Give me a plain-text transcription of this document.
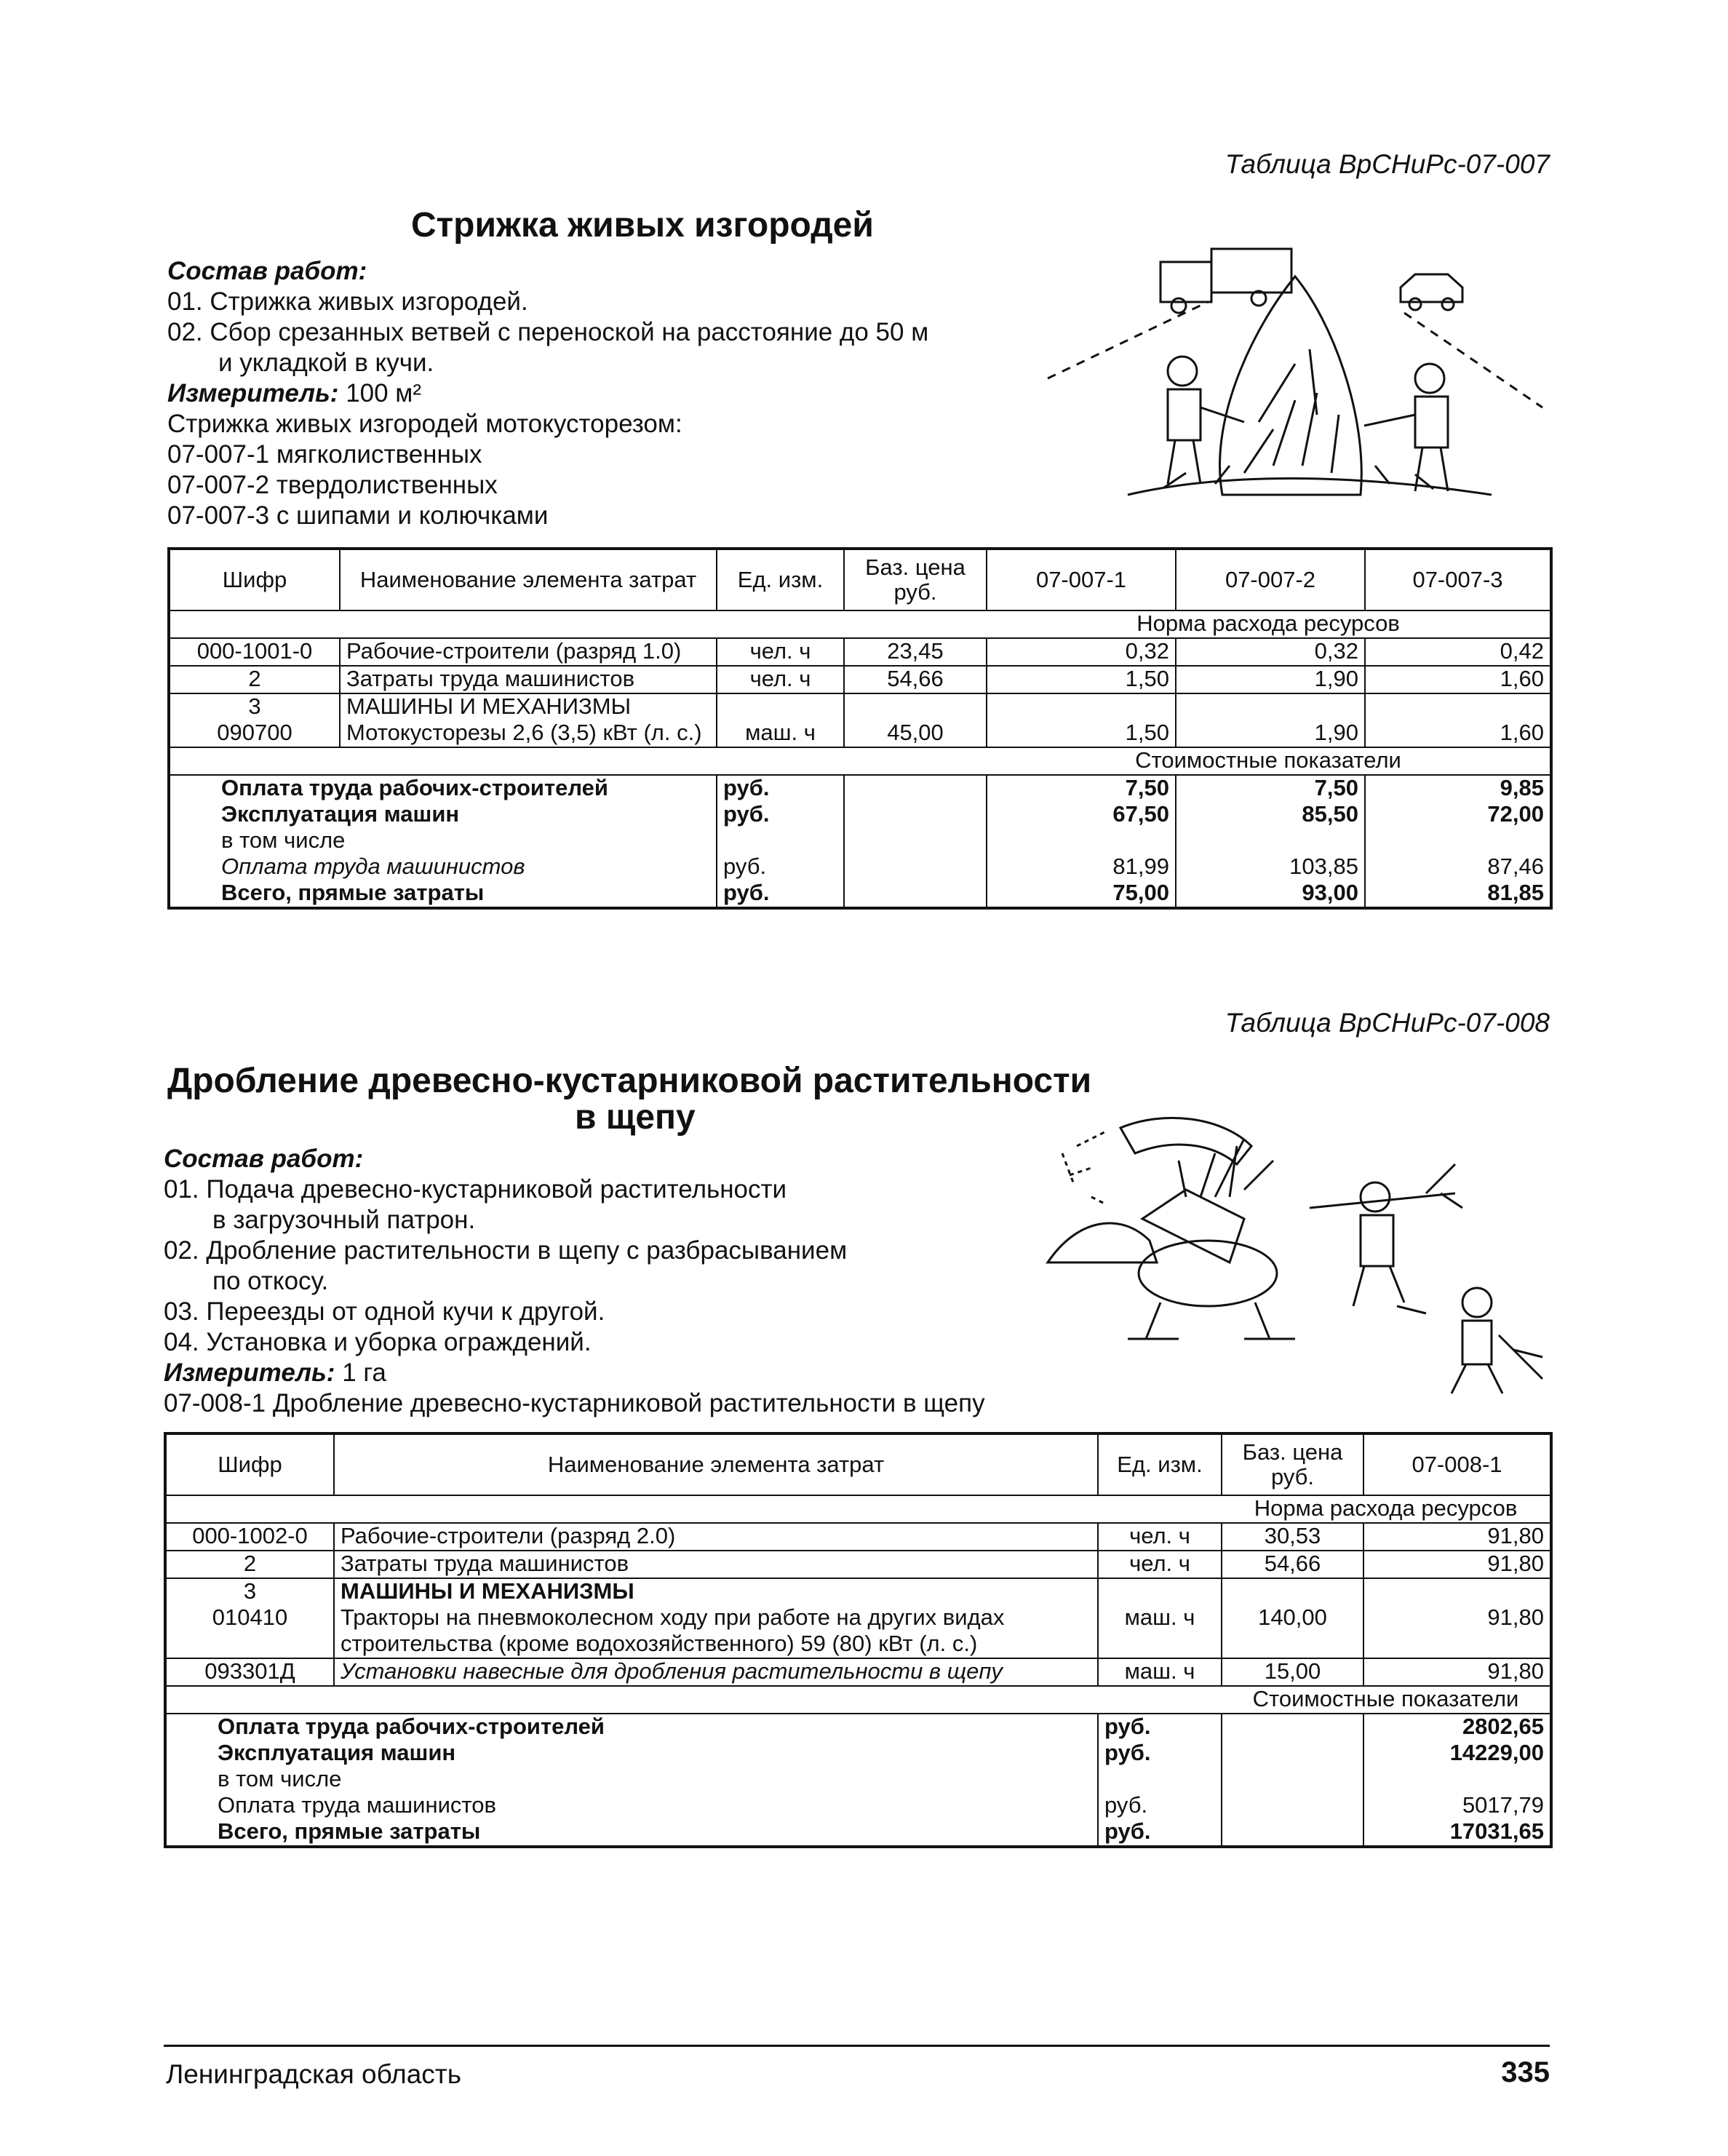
Таблица ВрСНиРс-07-007
Стрижка живых изгородей
Состав работ:
01. Стрижка живых изгородей.
02. Сбор срезанных ветвей с переноской на расстояние до 50 м
и укладкой в кучи.
Измеритель: 100 м²
Стрижка живых изгородей мотокусторезом:
07-007-1 мягколиственных
07-007-2 твердолиственных
07-007-3 с шипами и колючками
Шифр	Наименование элемента затрат	Ед. изм.	Баз. цена руб.	07-007-1	07-007-2	07-007-3
				Норма расхода ресурсов		
000-1001-0	Рабочие-строители (разряд 1.0)	чел. ч	23,45	0,32	0,32	0,42
2	Затраты труда машинистов	чел. ч	54,66	1,50	1,90	1,60
3	МАШИНЫ И МЕХАНИЗМЫ					
090700	Мотокусторезы 2,6 (3,5) кВт (л. с.)	маш. ч	45,00	1,50	1,90	1,60
				Стоимостные показатели		
Оплата труда рабочих-строителей		руб.		7,50	7,50	9,85
Эксплуатация машин		руб.		67,50	85,50	72,00
в том числе						
Оплата труда машинистов		руб.		81,99	103,85	87,46
Всего, прямые затраты		руб.		75,00	93,00	81,85
Таблица ВрСНиРс-07-008
Дробление древесно-кустарниковой растительности
в щепу
Состав работ:
01. Подача древесно-кустарниковой растительности
в загрузочный патрон.
02. Дробление растительности в щепу с разбрасыванием
по откосу.
03. Переезды от одной кучи к другой.
04. Установка и уборка ограждений.
Измеритель: 1 га
07-008-1 Дробление древесно-кустарниковой растительности в щепу
Шифр	Наименование элемента затрат	Ед. изм.	Баз. цена руб.	07-008-1
			Норма расхода ресурсов	
000-1002-0	Рабочие-строители (разряд 2.0)	чел. ч	30,53	91,80
2	Затраты труда машинистов	чел. ч	54,66	91,80
3	МАШИНЫ И МЕХАНИЗМЫ			
010410	Тракторы на пневмоколесном ходу при работе на других видах	маш. ч	140,00	91,80
	строительства (кроме водохозяйственного) 59 (80) кВт (л. с.)			
093301Д	Установки навесные для дробления растительности в щепу	маш. ч	15,00	91,80
			Стоимостные показатели	
Оплата труда рабочих-строителей		руб.		2802,65
Эксплуатация машин		руб.		14229,00
в том числе				
Оплата труда машинистов		руб.		5017,79
Всего, прямые затраты		руб.		17031,65
Ленинградская область	335
